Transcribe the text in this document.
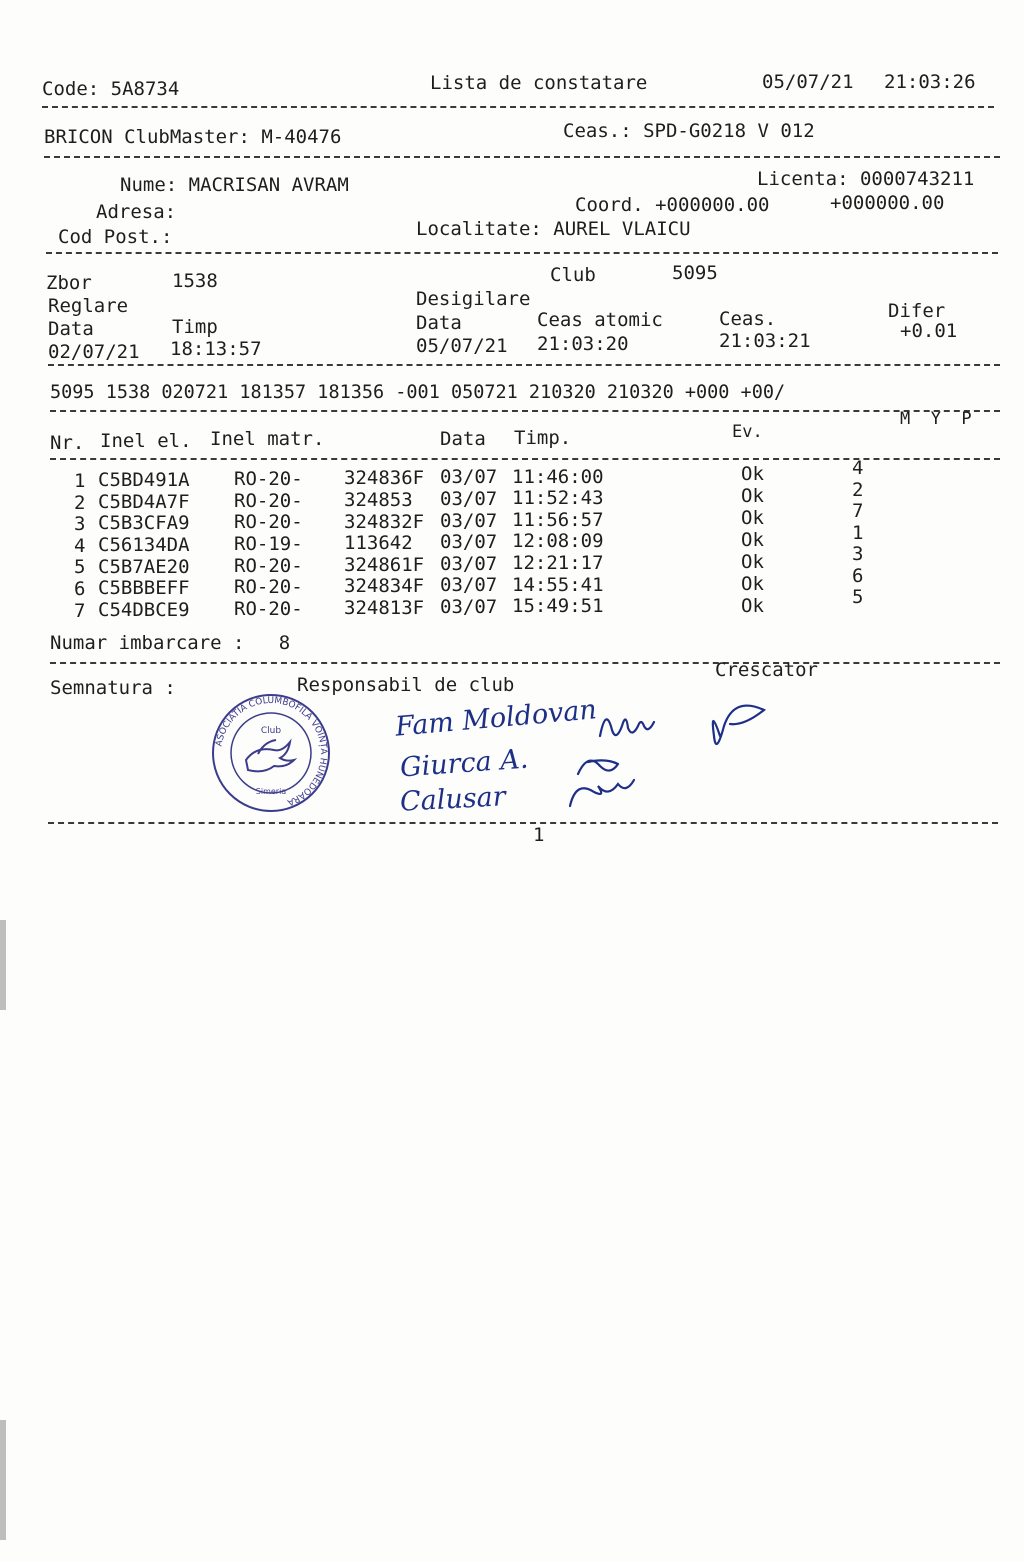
Code: 5A8734	Lista de constatare	05/07/21 21:03:26
BRICON ClubMaster: M-40476	Ceas.: SPD-G0218 V 012
Nume: MACRISAN AVRAM	Licenta: 0000743211
Adresa:	Coord. +000000.00	+000000.00
Cod Post.:	Localitate: AUREL VLAICU
Zbor	1538	Club	5095
Reglare	Desigilare
Data	Timp	Data	Ceas atomic	Ceas.	Difer
02/07/21 18:13:57	05/07/21 21:03:20	21:03:21	+0.01
5095 1538 020721 181357 181356 -001 050721 210320 210320 +000 +00/
Nr. Inel el. Inel matr.	Data Timp.	Ev.
M  Y  P
1 C5BD491A RO-20- 324836F 03/07 11:46:00	Ok	4
2 C5BD4A7F RO-20- 324853 03/07 11:52:43	Ok	2
3 C5B3CFA9 RO-20- 324832F 03/07 11:56:57	Ok	7
4 C56134DA RO-19- 113642 03/07 12:08:09	Ok	1
5 C5B7AE20 RO-20- 324861F 03/07 12:21:17	Ok	3
6 C5BBBEFF RO-20- 324834F 03/07 14:55:41	Ok	6
7 C54DBCE9 RO-20- 324813F 03/07 15:49:51	Ok	5
Numar imbarcare :   8
Semnatura :	Responsabil de club
Crescator
ASOCIATIA COLUMBOFILĂ VOINȚA HUNEDOARA
Club
Simeria
Fam Moldovan
Giurca A.
Calusar
1
